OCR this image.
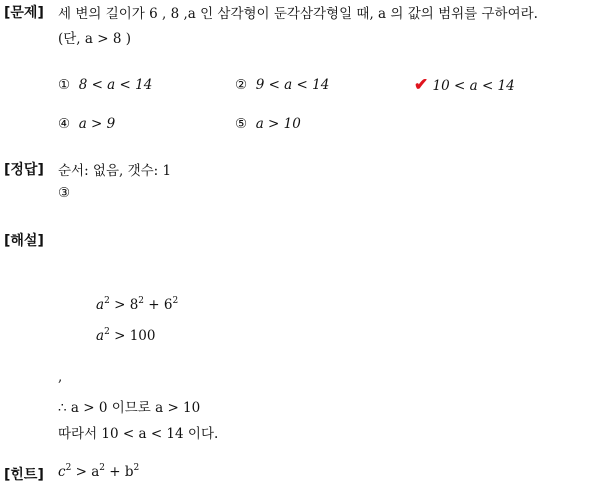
[문제] 세 변의 길이가 6 , 8 ,a 인 삼각형이 둔각삼각형일 때, a 의 값의 범위를 구하여라.
(단, a > 8 )
① 8 < a < 14	② 9 < a < 14	✔ 10 < a < 14
④ a > 9	⑤ a > 10
[정답] 순서: 없음, 갯수: 1
③
[해설]
$a^2 > 8^2 + 6^2$
$a^2 > 100$
,
∴ a > 0 이므로 a > 10
따라서 10 < a < 14 이다.
[힌트] $c^2 > a^2 + b^2$
